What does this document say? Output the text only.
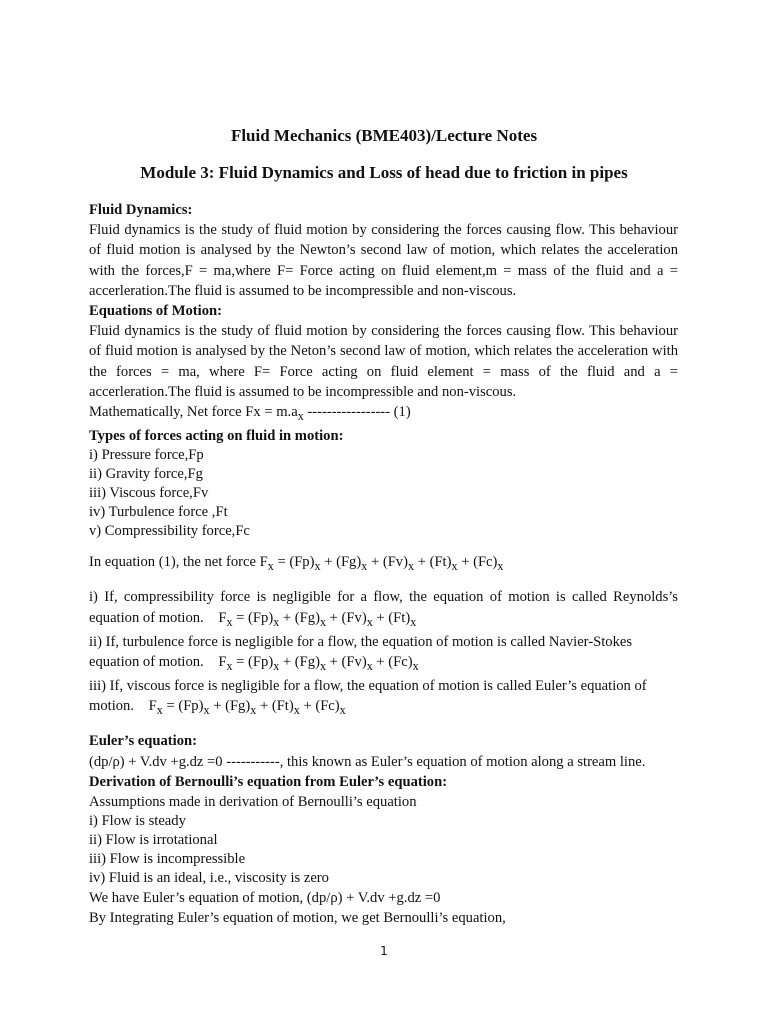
Fluid Mechanics (BME403)/Lecture Notes
Module 3: Fluid Dynamics and Loss of head due to friction in pipes

Fluid Dynamics:

Fluid dynamics is the study of fluid motion by considering the forces causing flow. This behaviour of fluid motion is analysed by the Newton’s second law of motion, which relates the acceleration with the forces,F = ma,where F= Force acting on fluid element,m = mass of the fluid and a = accerleration.The fluid is assumed to be incompressible and non-viscous.

Equations of Motion:

Fluid dynamics is the study of fluid motion by considering the forces causing flow. This behaviour of fluid motion is analysed by the Neton’s second law of motion, which relates the acceleration with the forces = ma, where F= Force acting on fluid element = mass of the fluid and a = accerleration.The fluid is assumed to be incompressible and non-viscous.

Mathematically, Net force $Fx = m.a_x$ ----------------- (1)

Types of forces acting on fluid in motion:

i) Pressure force,Fp

ii) Gravity force,Fg

iii) Viscous force,Fv

iv) Turbulence force ,Ft

v) Compressibility force,Fc

In equation (1), the net force $F_x = (Fp)_x + (Fg)_x + (Fv)_x + (Ft)_x + (Fc)_x$

i) If, compressibility force is negligible for a flow, the equation of motion is called Reynolds’s equation of motion. $F_x = (Fp)_x + (Fg)_x + (Fv)_x + (Ft)_x$

ii) If, turbulence force is negligible for a flow, the equation of motion is called Navier-Stokes equation of motion. $F_x = (Fp)_x + (Fg)_x + (Fv)_x + (Fc)_x$

iii) If, viscous force is negligible for a flow, the equation of motion is called Euler’s equation of motion. $F_x = (Fp)_x + (Fg)_x + (Ft)_x + (Fc)_x$

Euler’s equation:

(dp/ρ) + V.dv +g.dz =0 -----------, this known as Euler’s equation of motion along a stream line.

Derivation of Bernoulli’s equation from Euler’s equation:

Assumptions made in derivation of Bernoulli’s equation

i) Flow is steady

ii) Flow is irrotational

iii) Flow is incompressible

iv) Fluid is an ideal, i.e., viscosity is zero

We have Euler’s equation of motion, (dp/ρ) + V.dv +g.dz =0

By Integrating Euler’s equation of motion, we get Bernoulli’s equation,

1
